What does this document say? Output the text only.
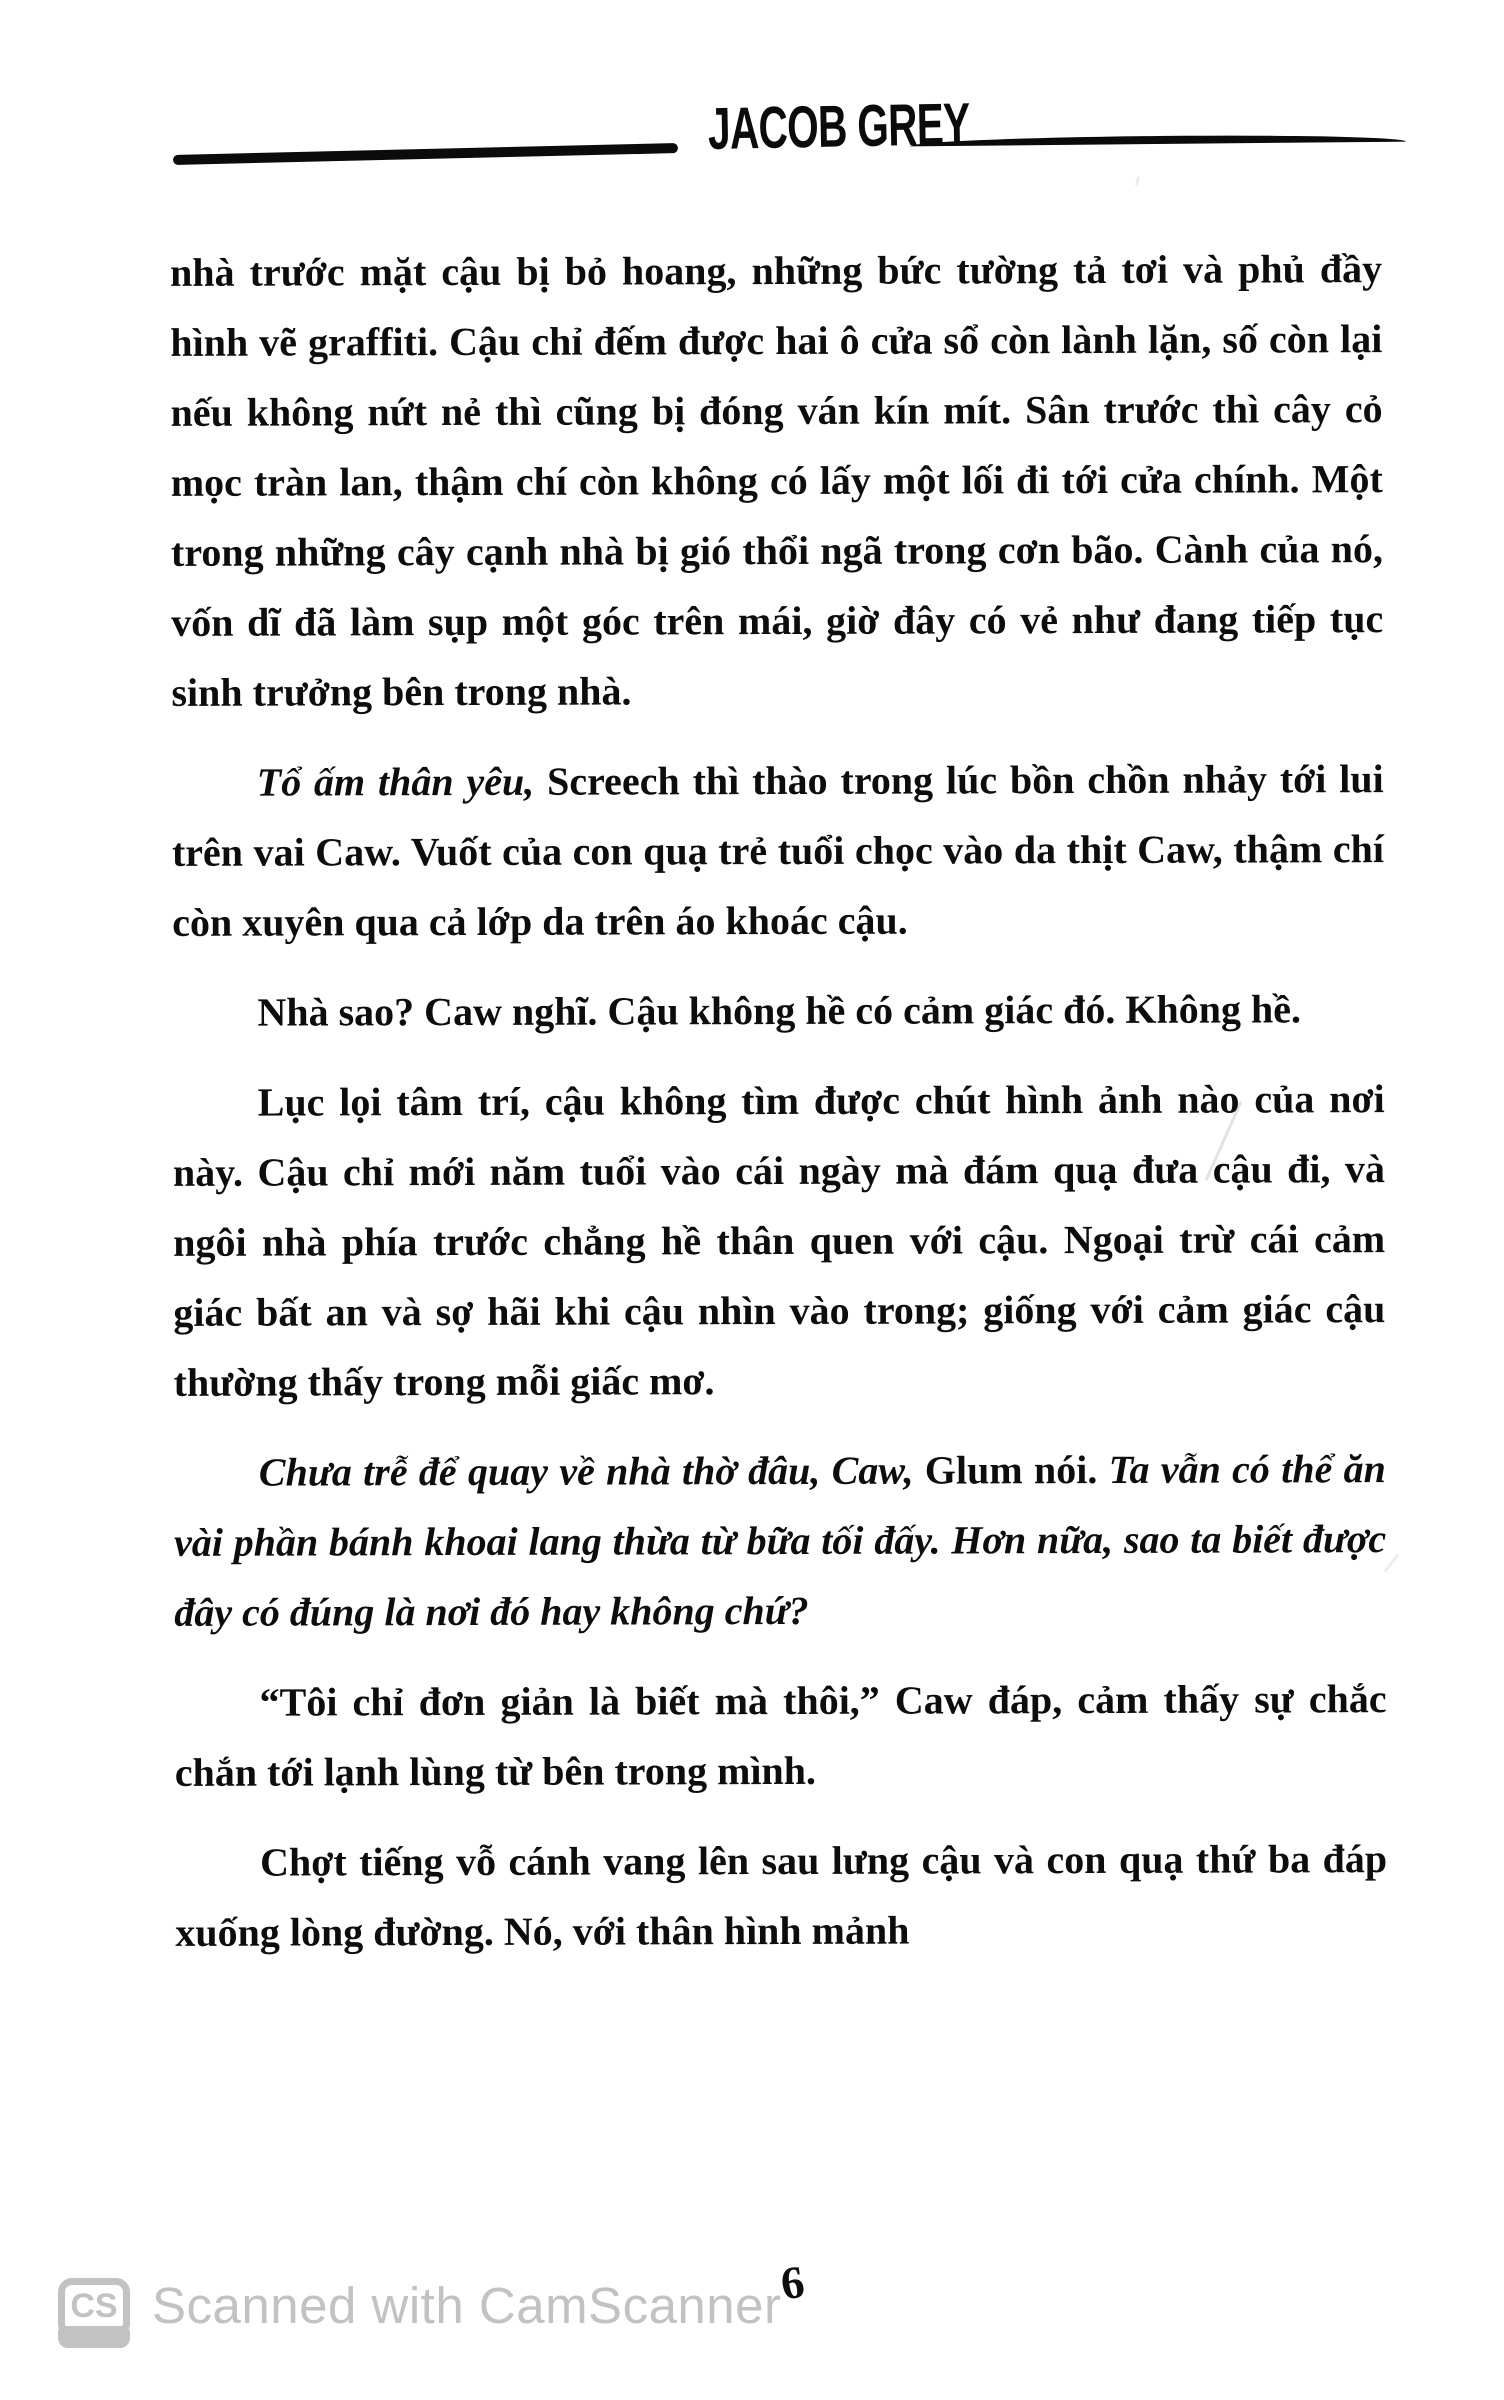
JACOB GREY

nhà trước mặt cậu bị bỏ hoang, những bức tường tả tơi và phủ đầy hình vẽ graffiti. Cậu chỉ đếm được hai ô cửa sổ còn lành lặn, số còn lại nếu không nứt nẻ thì cũng bị đóng ván kín mít. Sân trước thì cây cỏ mọc tràn lan, thậm chí còn không có lấy một lối đi tới cửa chính. Một trong những cây cạnh nhà bị gió thổi ngã trong cơn bão. Cành của nó, vốn dĩ đã làm sụp một góc trên mái, giờ đây có vẻ như đang tiếp tục sinh trưởng bên trong nhà.

Tổ ấm thân yêu, Screech thì thào trong lúc bồn chồn nhảy tới lui trên vai Caw. Vuốt của con quạ trẻ tuổi chọc vào da thịt Caw, thậm chí còn xuyên qua cả lớp da trên áo khoác cậu.

Nhà sao? Caw nghĩ. Cậu không hề có cảm giác đó. Không hề.

Lục lọi tâm trí, cậu không tìm được chút hình ảnh nào của nơi này. Cậu chỉ mới năm tuổi vào cái ngày mà đám quạ đưa cậu đi, và ngôi nhà phía trước chẳng hề thân quen với cậu. Ngoại trừ cái cảm giác bất an và sợ hãi khi cậu nhìn vào trong; giống với cảm giác cậu thường thấy trong mỗi giấc mơ.

Chưa trễ để quay về nhà thờ đâu, Caw, Glum nói. Ta vẫn có thể ăn vài phần bánh khoai lang thừa từ bữa tối đấy. Hơn nữa, sao ta biết được đây có đúng là nơi đó hay không chứ?

“Tôi chỉ đơn giản là biết mà thôi,” Caw đáp, cảm thấy sự chắc chắn tới lạnh lùng từ bên trong mình.

Chợt tiếng vỗ cánh vang lên sau lưng cậu và con quạ thứ ba đáp xuống lòng đường. Nó, với thân hình mảnh

6
CS Scanned with CamScanner
